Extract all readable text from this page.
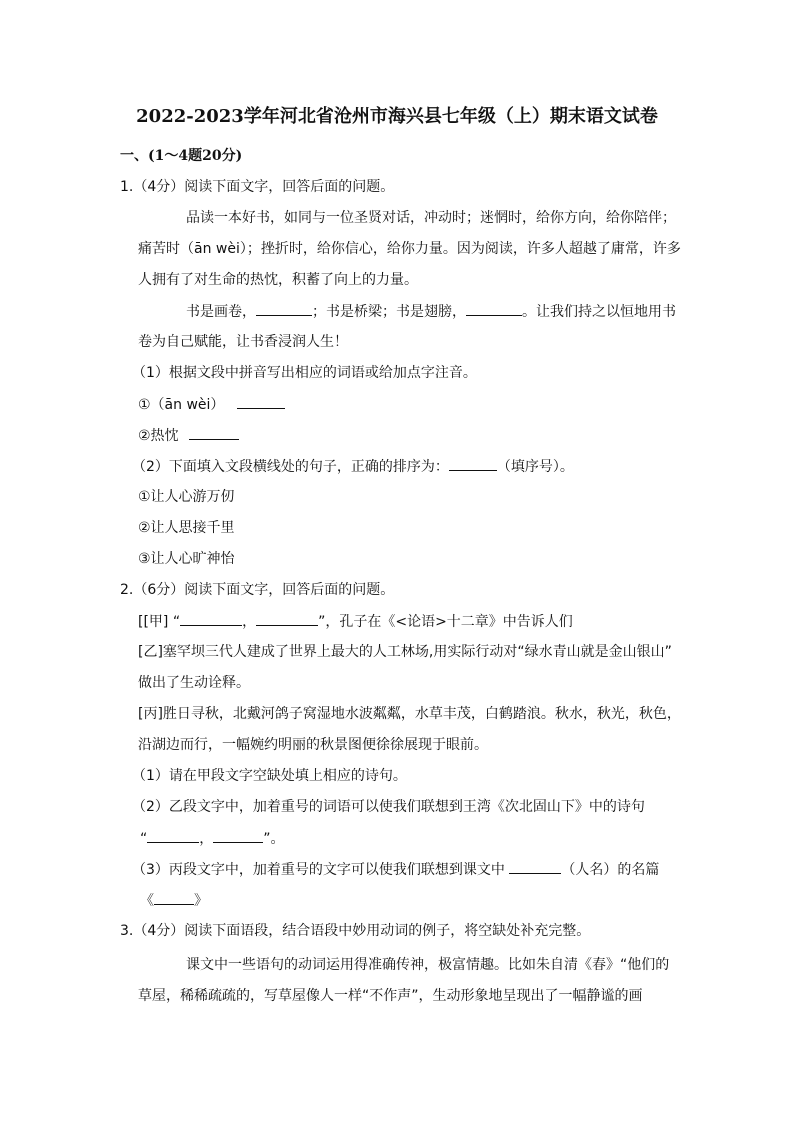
2022-2023学年河北省沧州市海兴县七年级（上）期末语文试卷
一、(1～4题20分)
1.（4分）阅读下面文字，回答后面的问题。
品读一本好书，如同与一位圣贤对话，冲动时；迷惘时，给你方向，给你陪伴；
痛苦时（ān wèi）；挫折时，给你信心，给你力量。因为阅读，许多人超越了庸常，许多
人拥有了对生命的热忱，积蓄了向上的力量。
书是画卷，	；书是桥梁；书是翅膀，	。让我们持之以恒地用书
卷为自己赋能，让书香浸润人生！
（1）根据文段中拼音写出相应的词语或给加点字注音。
①（ān wèi）
②热忱
（2）下面填入文段横线处的句子，正确的排序为：	（填序号）。
①让人心游万仞
②让人思接千里
③让人心旷神怡
2.（6分）阅读下面文字，回答后面的问题。
[[甲] “	，	”，孔子在《<论语>十二章》中告诉人们
[乙]塞罕坝三代人建成了世界上最大的人工林场,用实际行动对“绿水青山就是金山银山”
做出了生动诠释。
[丙]胜日寻秋，北戴河鸽子窝湿地水波粼粼，水草丰茂，白鹤踏浪。秋水，秋光，秋色，
沿湖边而行，一幅婉约明丽的秋景图便徐徐展现于眼前。
（1）请在甲段文字空缺处填上相应的诗句。
（2）乙段文字中，加着重号的词语可以使我们联想到王湾《次北固山下》中的诗句
“	，	”。
（3）丙段文字中，加着重号的文字可以使我们联想到课文中	（人名）的名篇
《	》
3.（4分）阅读下面语段，结合语段中妙用动词的例子，将空缺处补充完整。
课文中一些语句的动词运用得准确传神，极富情趣。比如朱自清《春》“他们的
草屋，稀稀疏疏的，写草屋像人一样“不作声”，生动形象地呈现出了一幅静谧的画
